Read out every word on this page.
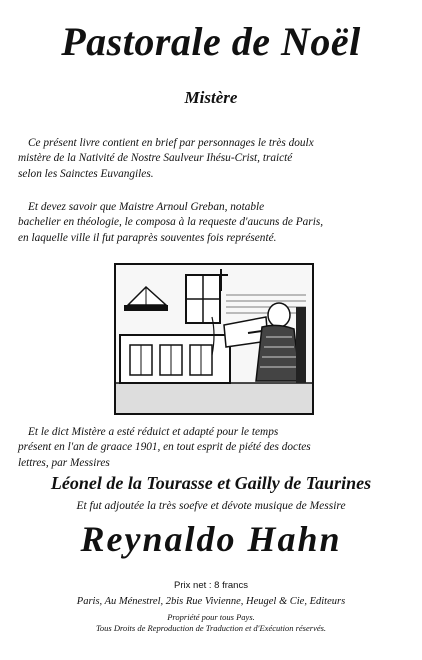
Pastorale de Noël
Mistère
Ce présent livre contient en brief par personnages le très doulx
mistère de la Nativité de Nostre Saulveur Ihésu-Crist, traicté
selon les Sainctes Euvangiles.
Et devez savoir que Maistre Arnoul Greban, notable
bachelier en théologie, le composa à la requeste d'aucuns de Paris,
en laquelle ville il fut paraprès souventes fois représenté.
Et le dict Mistère a esté réduict et adapté pour le temps
présent en l'an de graace 1901, en tout esprit de piété des doctes
lettres, par Messires
Léonel de la Tourasse et Gailly de Taurines
Et fut adjoutée la très soefve et dévote musique de Messire
Reynaldo Hahn
Prix net : 8 francs
Paris, Au Ménestrel, 2bis Rue Vivienne, Heugel & Cie, Editeurs
Propriété pour tous Pays.
Tous Droits de Reproduction de Traduction et d'Exécution réservés.
